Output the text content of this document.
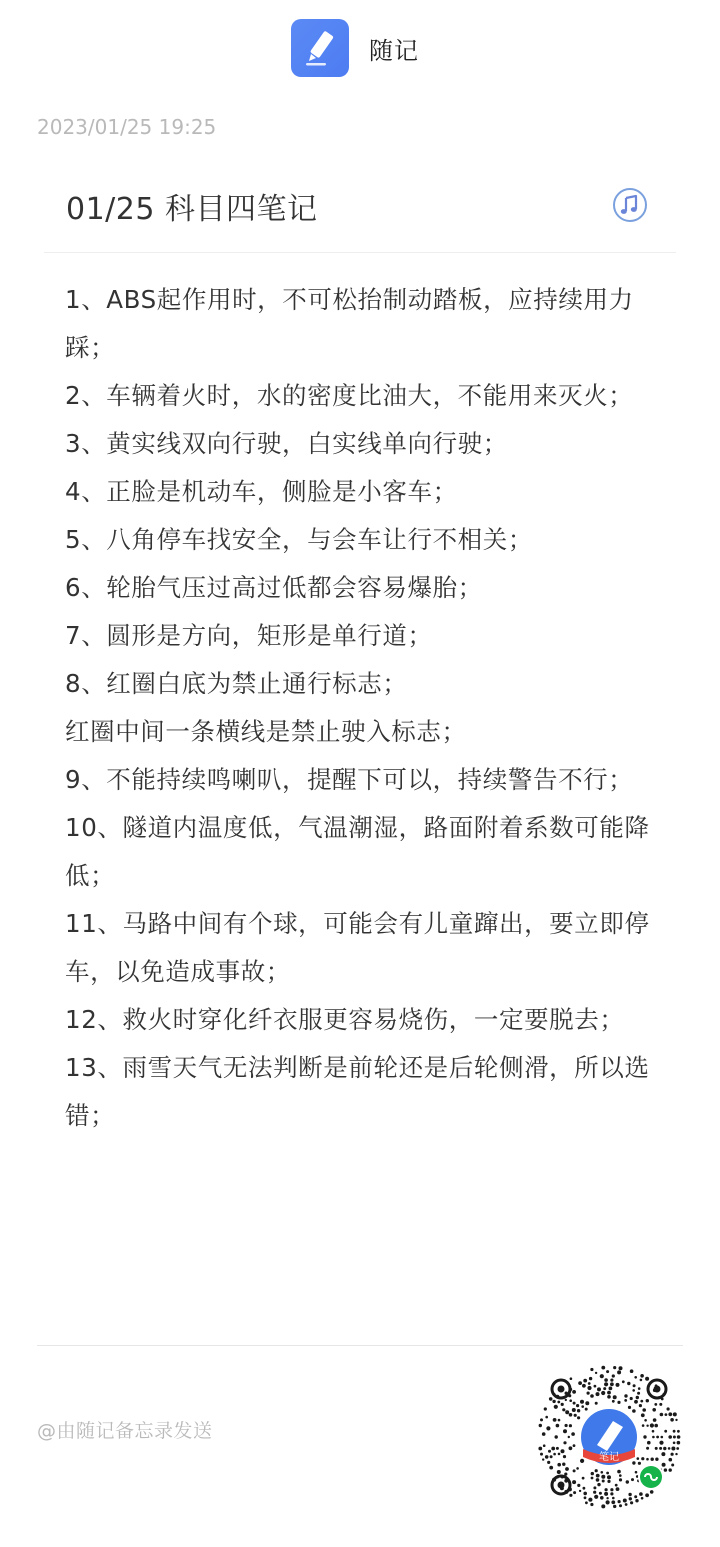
随记
2023/01/25 19:25
01/25 科目四笔记

1、ABS起作用时，不可松抬制动踏板，应持续用力踩；

2、车辆着火时，水的密度比油大，不能用来灭火；

3、黄实线双向行驶，白实线单向行驶；

4、正脸是机动车，侧脸是小客车；

5、八角停车找安全，与会车让行不相关；

6、轮胎气压过高过低都会容易爆胎；

7、圆形是方向，矩形是单行道；

8、红圈白底为禁止通行标志；

红圈中间一条横线是禁止驶入标志；

9、不能持续鸣喇叭，提醒下可以，持续警告不行；

10、隧道内温度低，气温潮湿，路面附着系数可能降低；

11、马路中间有个球，可能会有儿童蹿出，要立即停车，以免造成事故；

12、救火时穿化纤衣服更容易烧伤，一定要脱去；

13、雨雪天气无法判断是前轮还是后轮侧滑，所以选错；

@由随记备忘录发送
笔记
